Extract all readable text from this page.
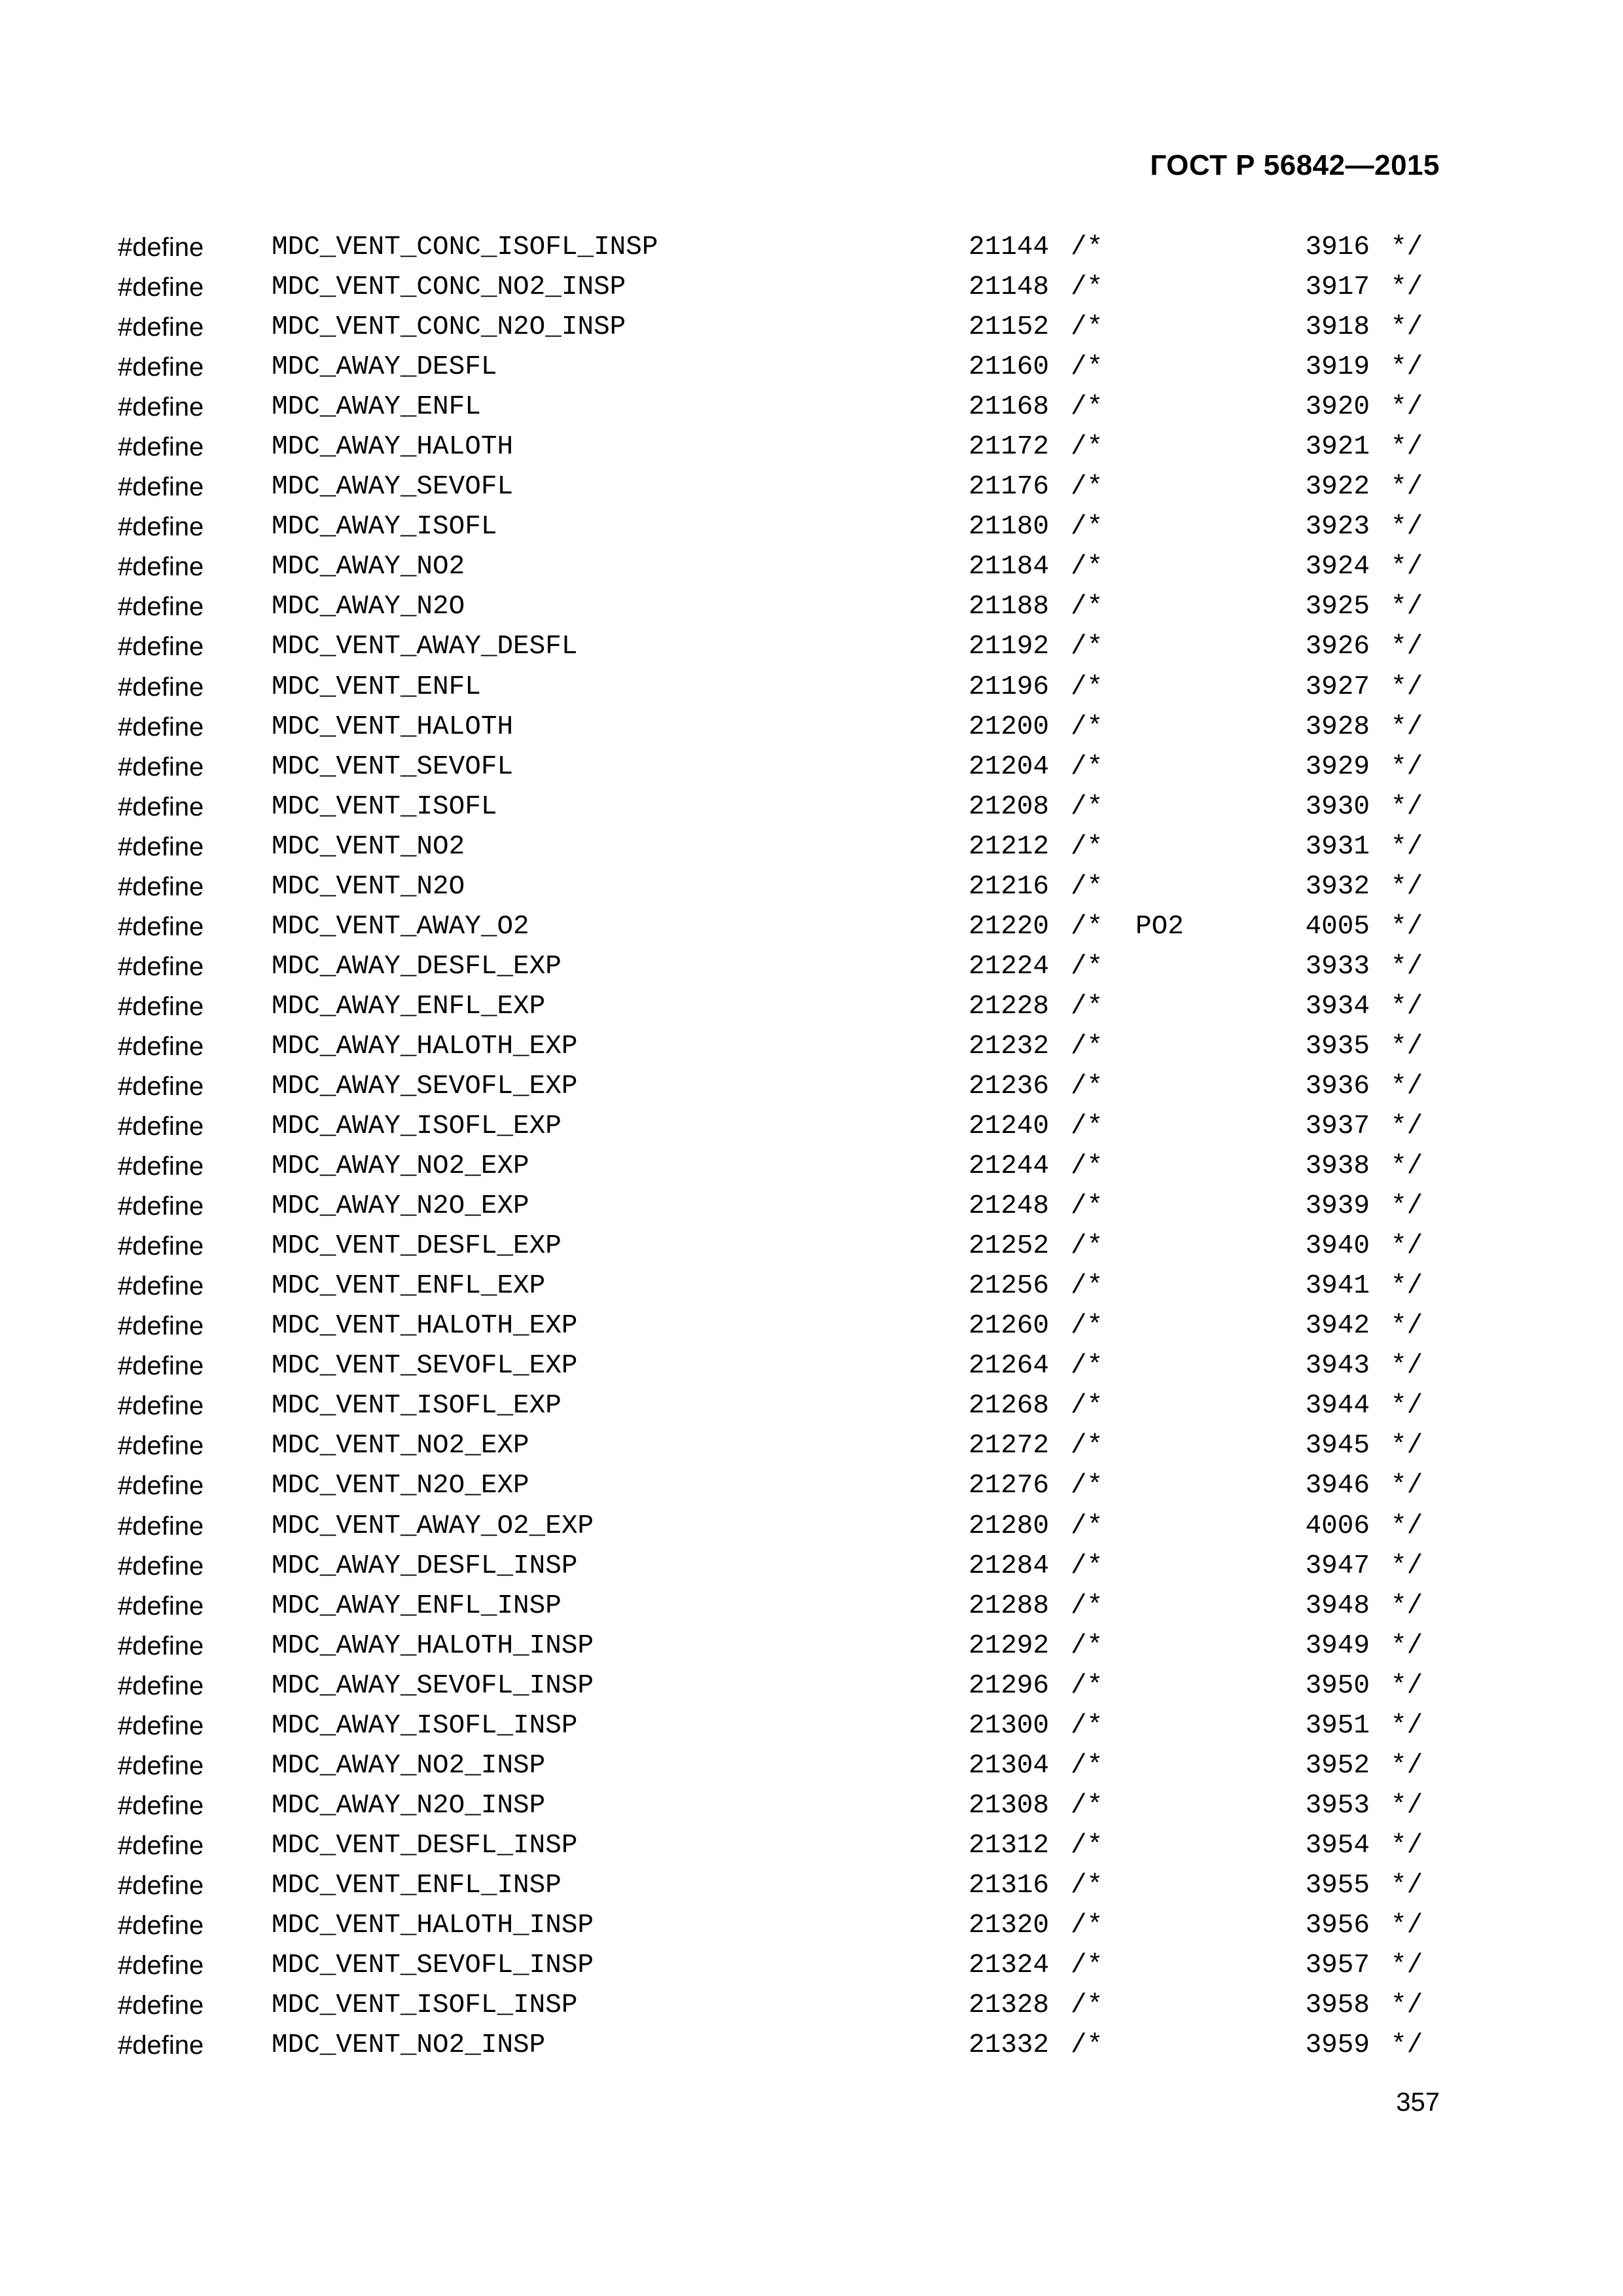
ГОСТ Р 56842—2015
#define	MDC_VENT_CONC_ISOFL_INSP	21144 /*	3916 */
#define	MDC_VENT_CONC_NO2_INSP	21148 /*	3917 */
#define	MDC_VENT_CONC_N2O_INSP	21152 /*	3918 */
#define	MDC_AWAY_DESFL	21160 /*	3919 */
#define	MDC_AWAY_ENFL	21168 /*	3920 */
#define	MDC_AWAY_HALOTH	21172 /*	3921 */
#define	MDC_AWAY_SEVOFL	21176 /*	3922 */
#define	MDC_AWAY_ISOFL	21180 /*	3923 */
#define	MDC_AWAY_NO2	21184 /*	3924 */
#define	MDC_AWAY_N2O	21188 /*	3925 */
#define	MDC_VENT_AWAY_DESFL	21192 /*	3926 */
#define	MDC_VENT_ENFL	21196 /*	3927 */
#define	MDC_VENT_HALOTH	21200 /*	3928 */
#define	MDC_VENT_SEVOFL	21204 /*	3929 */
#define	MDC_VENT_ISOFL	21208 /*	3930 */
#define	MDC_VENT_NO2	21212 /*	3931 */
#define	MDC_VENT_N2O	21216 /*	3932 */
#define	MDC_VENT_AWAY_O2	21220 /* PO2	4005 */
#define	MDC_AWAY_DESFL_EXP	21224 /*	3933 */
#define	MDC_AWAY_ENFL_EXP	21228 /*	3934 */
#define	MDC_AWAY_HALOTH_EXP	21232 /*	3935 */
#define	MDC_AWAY_SEVOFL_EXP	21236 /*	3936 */
#define	MDC_AWAY_ISOFL_EXP	21240 /*	3937 */
#define	MDC_AWAY_NO2_EXP	21244 /*	3938 */
#define	MDC_AWAY_N2O_EXP	21248 /*	3939 */
#define	MDC_VENT_DESFL_EXP	21252 /*	3940 */
#define	MDC_VENT_ENFL_EXP	21256 /*	3941 */
#define	MDC_VENT_HALOTH_EXP	21260 /*	3942 */
#define	MDC_VENT_SEVOFL_EXP	21264 /*	3943 */
#define	MDC_VENT_ISOFL_EXP	21268 /*	3944 */
#define	MDC_VENT_NO2_EXP	21272 /*	3945 */
#define	MDC_VENT_N2O_EXP	21276 /*	3946 */
#define	MDC_VENT_AWAY_O2_EXP	21280 /*	4006 */
#define	MDC_AWAY_DESFL_INSP	21284 /*	3947 */
#define	MDC_AWAY_ENFL_INSP	21288 /*	3948 */
#define	MDC_AWAY_HALOTH_INSP	21292 /*	3949 */
#define	MDC_AWAY_SEVOFL_INSP	21296 /*	3950 */
#define	MDC_AWAY_ISOFL_INSP	21300 /*	3951 */
#define	MDC_AWAY_NO2_INSP	21304 /*	3952 */
#define	MDC_AWAY_N2O_INSP	21308 /*	3953 */
#define	MDC_VENT_DESFL_INSP	21312 /*	3954 */
#define	MDC_VENT_ENFL_INSP	21316 /*	3955 */
#define	MDC_VENT_HALOTH_INSP	21320 /*	3956 */
#define	MDC_VENT_SEVOFL_INSP	21324 /*	3957 */
#define	MDC_VENT_ISOFL_INSP	21328 /*	3958 */
#define	MDC_VENT_NO2_INSP	21332 /*	3959 */
357
